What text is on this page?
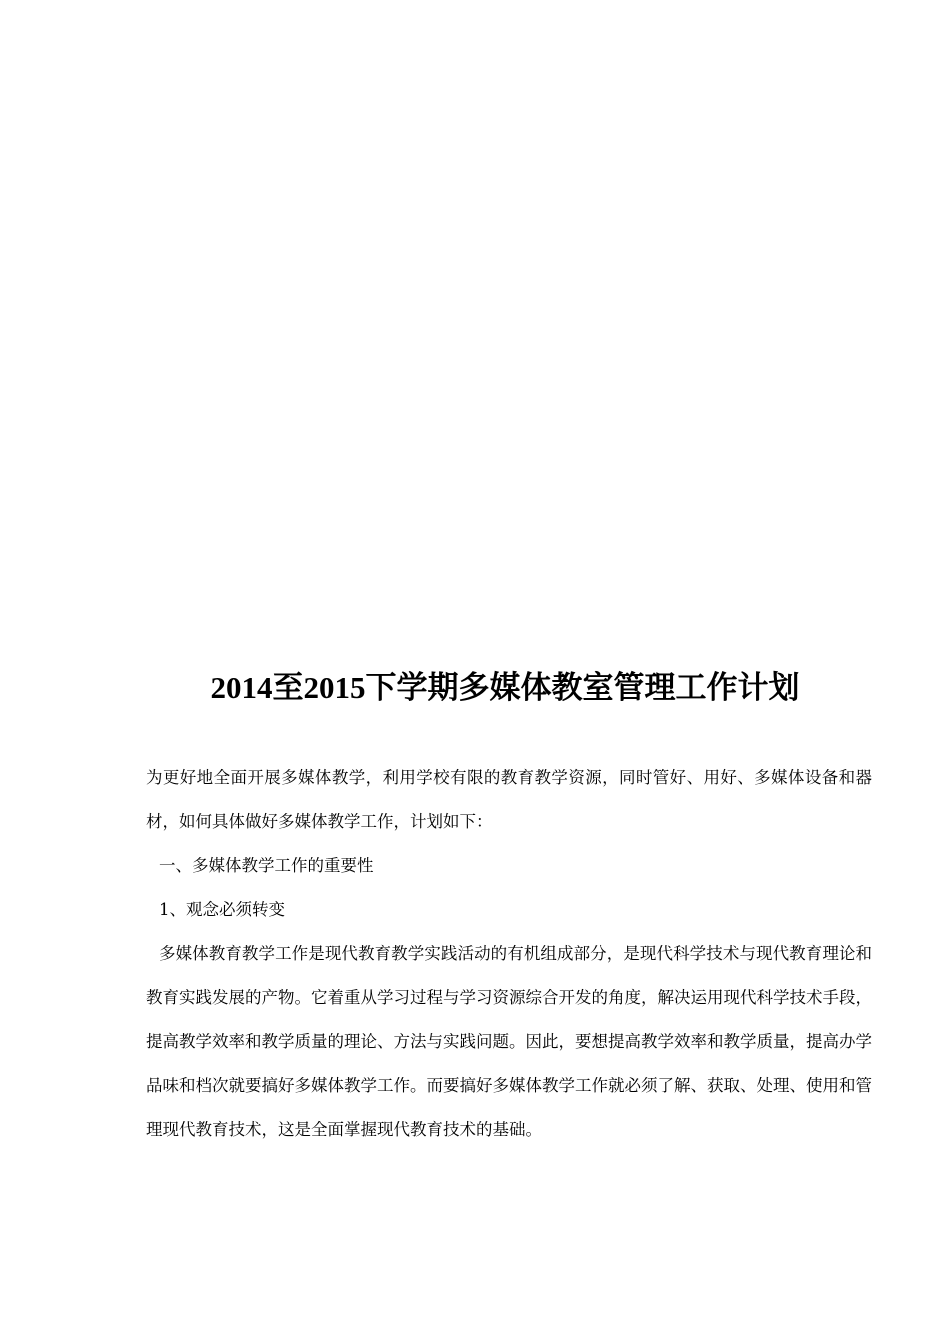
2014至2015下学期多媒体教室管理工作计划

为更好地全面开展多媒体教学，利用学校有限的教育教学资源，同时管好、用好、多媒体设备和器材，如何具体做好多媒体教学工作，计划如下：

一、多媒体教学工作的重要性

1、观念必须转变

多媒体教育教学工作是现代教育教学实践活动的有机组成部分，是现代科学技术与现代教育理论和教育实践发展的产物。它着重从学习过程与学习资源综合开发的角度，解决运用现代科学技术手段，提高教学效率和教学质量的理论、方法与实践问题。因此，要想提高教学效率和教学质量，提高办学品味和档次就要搞好多媒体教学工作。而要搞好多媒体教学工作就必须了解、获取、处理、使用和管理现代教育技术，这是全面掌握现代教育技术的基础。
